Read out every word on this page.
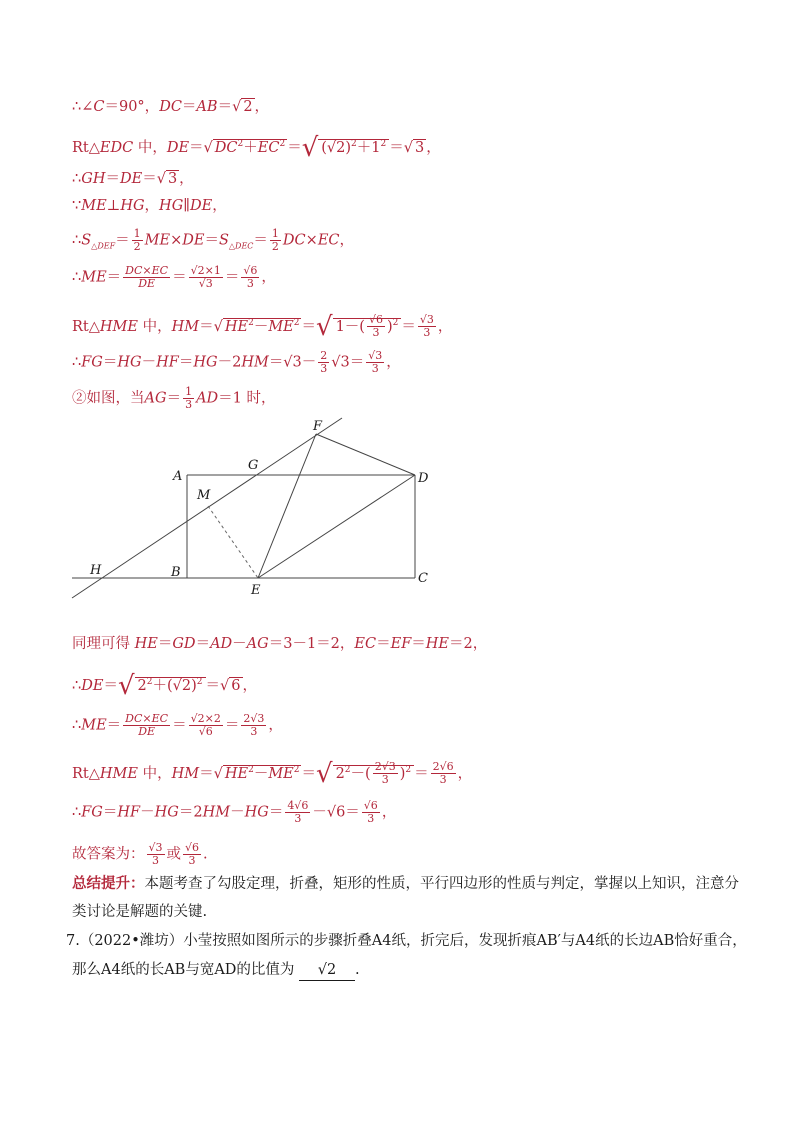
∴∠C＝90°，DC＝AB＝√ 2 ，
Rt△EDC 中，DE＝√ $DC^2+EC^2$ ＝√ $(√2)^2+1^2$ ＝√ 3 ，
∴GH＝DE＝√ 3 ，
∵ME⊥HG，HG∥DE，
$\therefore S_{\triangle DEF}= \frac{1}{2} ME\times DE=S_{\triangle DEC}= \frac{1}{2} DC\times EC$，
∴ME＝ $\frac{DC\times EC}{DE} = \frac{√2\times 1}{√3} = \frac{√6}{3}$ ，
Rt△HME 中，HM＝√ $HE^2-ME^2$ ＝√ $1-( \frac{√6}{3} )^2 = \frac{√3}{3}$ ，
∴FG＝HG－HF＝HG－2HM＝√3－ $\frac{2}{3} √3= \frac{√3}{3}$ ，
②如图，当$AG= \frac{1}{3} AD=1$ 时，
F
G
A
M
D
H	B	C
E
同理可得 HE＝GD＝AD－AG＝3－1＝2，EC＝EF＝HE＝2，
∴DE＝√ $2^2+(√2)^2$ ＝√ 6 ，
∴ME＝ $\frac{DC\times EC}{DE} = \frac{√2\times 2}{√6} = \frac{2√3}{3}$ ，
Rt△HME 中，HM＝√ $HE^2-ME^2$ ＝√ $2^2-( \frac{2√3}{3} )^2 = \frac{2√6}{3}$ ，
∴FG＝HF－HG＝2HM－HG＝ $\frac{4√6}{3} -√6= \frac{√6}{3}$ ，
故答案为： $\frac{√3}{3}$ 或 $\frac{√6}{3}$ .
总结提升：本题考查了勾股定理，折叠，矩形的性质，平行四边形的性质与判定，掌握以上知识，注意分
类讨论是解题的关键.
7.（2022•潍坊）小莹按照如图所示的步骤折叠A4纸，折完后，发现折痕AB′与A4纸的长边AB恰好重合，
那么A4纸的长AB与宽AD的比值为 √2 .
